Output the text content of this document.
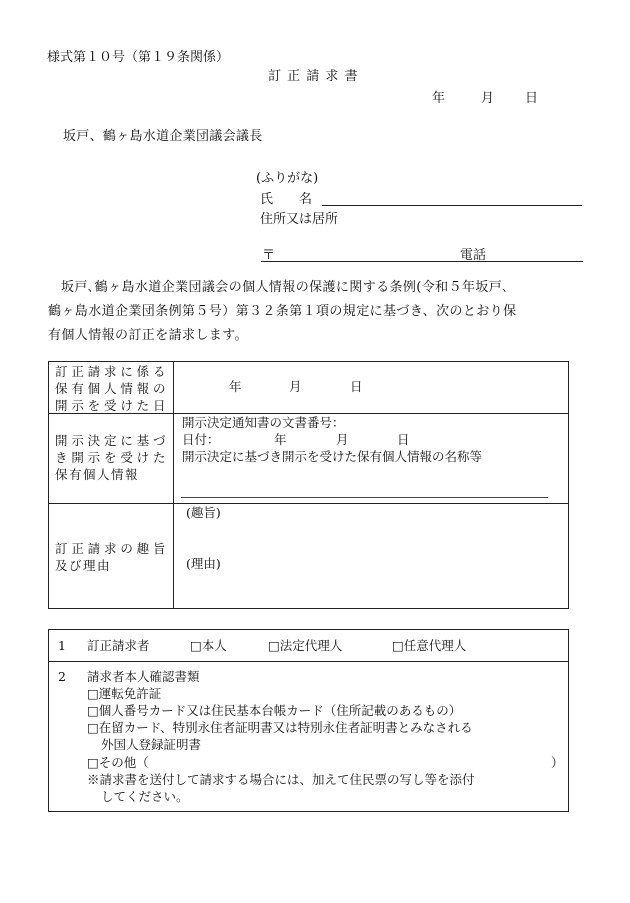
様式第１０号（第１９条関係）
訂 正 請 求 書
年	月 日
坂戸、鶴ヶ島水道企業団議会議長
(ふりがな)
氏　　名
住所又は居所
〒	電話
坂戸､鶴ヶ島水道企業団議会の個人情報の保護に関する条例(令和５年坂戸､
鶴ヶ島水道企業団条例第５号）第３２条第１項の規定に基づき、次のとおり保
有個人情報の訂正を請求します。
訂正請求に係る
保有個人情報の
開示を受けた日
年	月	日
開示決定に基づ
き開示を受けた
保有個人情報
開示決定通知書の文書番号：
日付：	年	月	日
開示決定に基づき開示を受けた保有個人情報の名称等
訂正請求の趣旨
及び理由
(趣旨)
(理由)
1 訂正請求者	□本人	□法定代理人	□任意代理人
2 請求者本人確認書類
□運転免許証
□個人番号カード又は住民基本台帳カード（住所記載のあるもの）
□在留カード、特別永住者証明書又は特別永住者証明書とみなされる
外国人登録証明書
□その他（	）
※請求書を送付して請求する場合には、加えて住民票の写し等を添付
してください。
